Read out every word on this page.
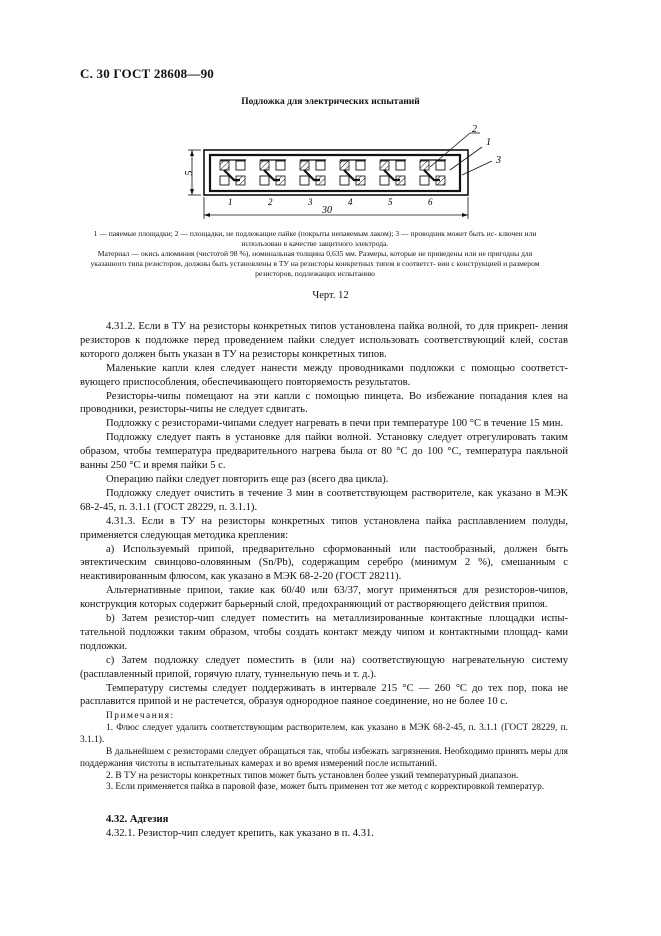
С. 30 ГОСТ 28608—90
Подложка для электрических испытаний
5
30
2
1
3
1	2	3	4	5	6

1 — паяемые площадки; 2 — площадки, не подлежащие пайке (покрыты непаяемым лаком); 3 — проводник может быть ис- ключен или использован в качестве защитного электрода.

Материал — окись алюминия (чистотой 98 %), номинальная толщина 0,635 мм. Размеры, которые не приведены или не пригодны для указанного типа резисторов, должны быть установлены в ТУ на резисторы конкретных типов в соответст- вии с конструкцией и размером резисторов, подлежащих испытанию

Черт. 12

4.31.2. Если в ТУ на резисторы конкретных типов установлена пайка волной, то для прикреп- ления резисторов к подложке перед проведением пайки следует использовать соответствующий клей, состав которого должен быть указан в ТУ на резисторы конкретных типов.

Маленькие капли клея следует нанести между проводниками подложки с помощью соответст- вующего приспособления, обеспечивающего повторяемость результатов.

Резисторы-чипы помещают на эти капли с помощью пинцета. Во избежание попадания клея на проводники, резисторы-чипы не следует сдвигать.

Подложку с резисторами-чипами следует нагревать в печи при температуре 100 °С в течение 15 мин.

Подложку следует паять в установке для пайки волной. Установку следует отрегулировать таким образом, чтобы температура предварительного нагрева была от 80 °С до 100 °С, температура паяльной ванны 250 °С и время пайки 5 с.

Операцию пайки следует повторить еще раз (всего два цикла).

Подложку следует очистить в течение 3 мин в соответствующем растворителе, как указано в МЭК 68-2-45, п. 3.1.1 (ГОСТ 28229, п. 3.1.1).

4.31.3. Если в ТУ на резисторы конкретных типов установлена пайка расплавлением полуды, применяется следующая методика крепления:

a) Используемый припой, предварительно сформованный или пастообразный, должен быть эвтектическим свинцово-оловянным (Sn/Pb), содержащим серебро (минимум 2 %), смешанным с неактивированным флюсом, как указано в МЭК 68-2-20 (ГОСТ 28211).

Альтернативные припои, такие как 60/40 или 63/37, могут применяться для резисторов-чипов, конструкция которых содержит барьерный слой, предохраняющий от растворяющего действия припоя.

b) Затем резистор-чип следует поместить на металлизированные контактные площадки испы- тательной подложки таким образом, чтобы создать контакт между чипом и контактными площад- ками подложки.

c) Затем подложку следует поместить в (или на) соответствующую нагревательную систему (расплавленный припой, горячую плату, туннельную печь и т. д.).

Температуру системы следует поддерживать в интервале 215 °С — 260 °С до тех пор, пока не расплавится припой и не растечется, образуя однородное паяное соединение, но не более 10 с.

Примечания:

1. Флюс следует удалить соответствующим растворителем, как указано в МЭК 68-2-45, п. 3.1.1 (ГОСТ 28229, п. 3.1.1).

В дальнейшем с резисторами следует обращаться так, чтобы избежать загрязнения. Необходимо принять меры для поддержания чистоты в испытательных камерах и во время измерений после испытаний.

2. В ТУ на резисторы конкретных типов может быть установлен более узкий температурный диапазон.

3. Если применяется пайка в паровой фазе, может быть применен тот же метод с корректировкой температур.

4.32. Адгезия

4.32.1. Резистор-чип следует крепить, как указано в п. 4.31.
